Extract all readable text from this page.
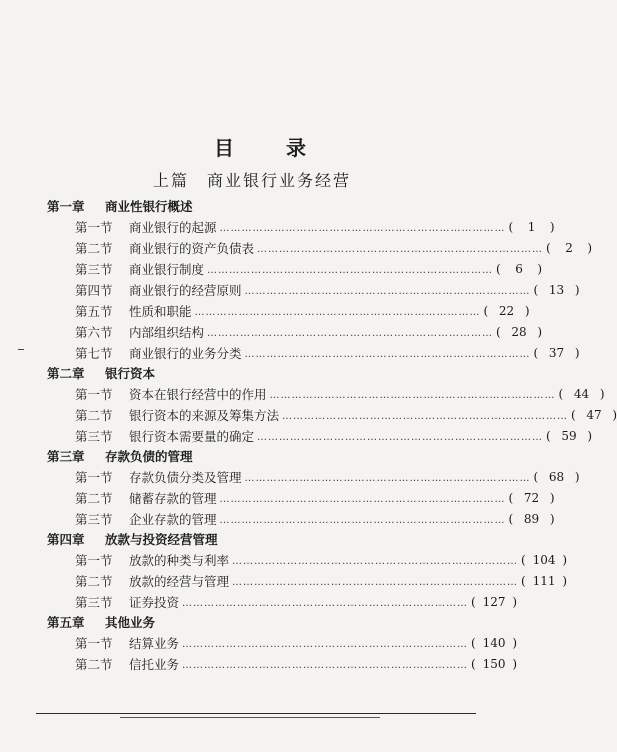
目　录
上篇　商业银行业务经营
第一章	商业性银行概述
第一节	商业银行的起源 …………………………………………………………………… (	1	)
第二节	商业银行的资产负债表 …………………………………………………………………… (	2	)
第三节	商业银行制度 …………………………………………………………………… (	6	)
第四节	商业银行的经营原则 …………………………………………………………………… ( 13 )
第五节	性质和职能 …………………………………………………………………… ( 22 )
第六节	内部组织结构 …………………………………………………………………… ( 28 )
第七节	商业银行的业务分类 …………………………………………………………………… ( 37 )
第二章	银行资本
第一节	资本在银行经营中的作用 …………………………………………………………………… ( 44 )
第二节	银行资本的来源及筹集方法 …………………………………………………………………… ( 47 )
第三节	银行资本需要量的确定 …………………………………………………………………… ( 59 )
第三章	存款负债的管理
第一节	存款负债分类及管理 …………………………………………………………………… ( 68 )
第二节	储蓄存款的管理 …………………………………………………………………… ( 72 )
第三节	企业存款的管理 …………………………………………………………………… ( 89 )
第四章	放款与投资经营管理
第一节	放款的种类与利率 …………………………………………………………………… ( 104 )
第二节	放款的经营与管理 …………………………………………………………………… ( 111 )
第三节	证券投资 …………………………………………………………………… ( 127 )
第五章	其他业务
第一节	结算业务 …………………………………………………………………… ( 140 )
第二节	信托业务 …………………………………………………………………… ( 150 )
